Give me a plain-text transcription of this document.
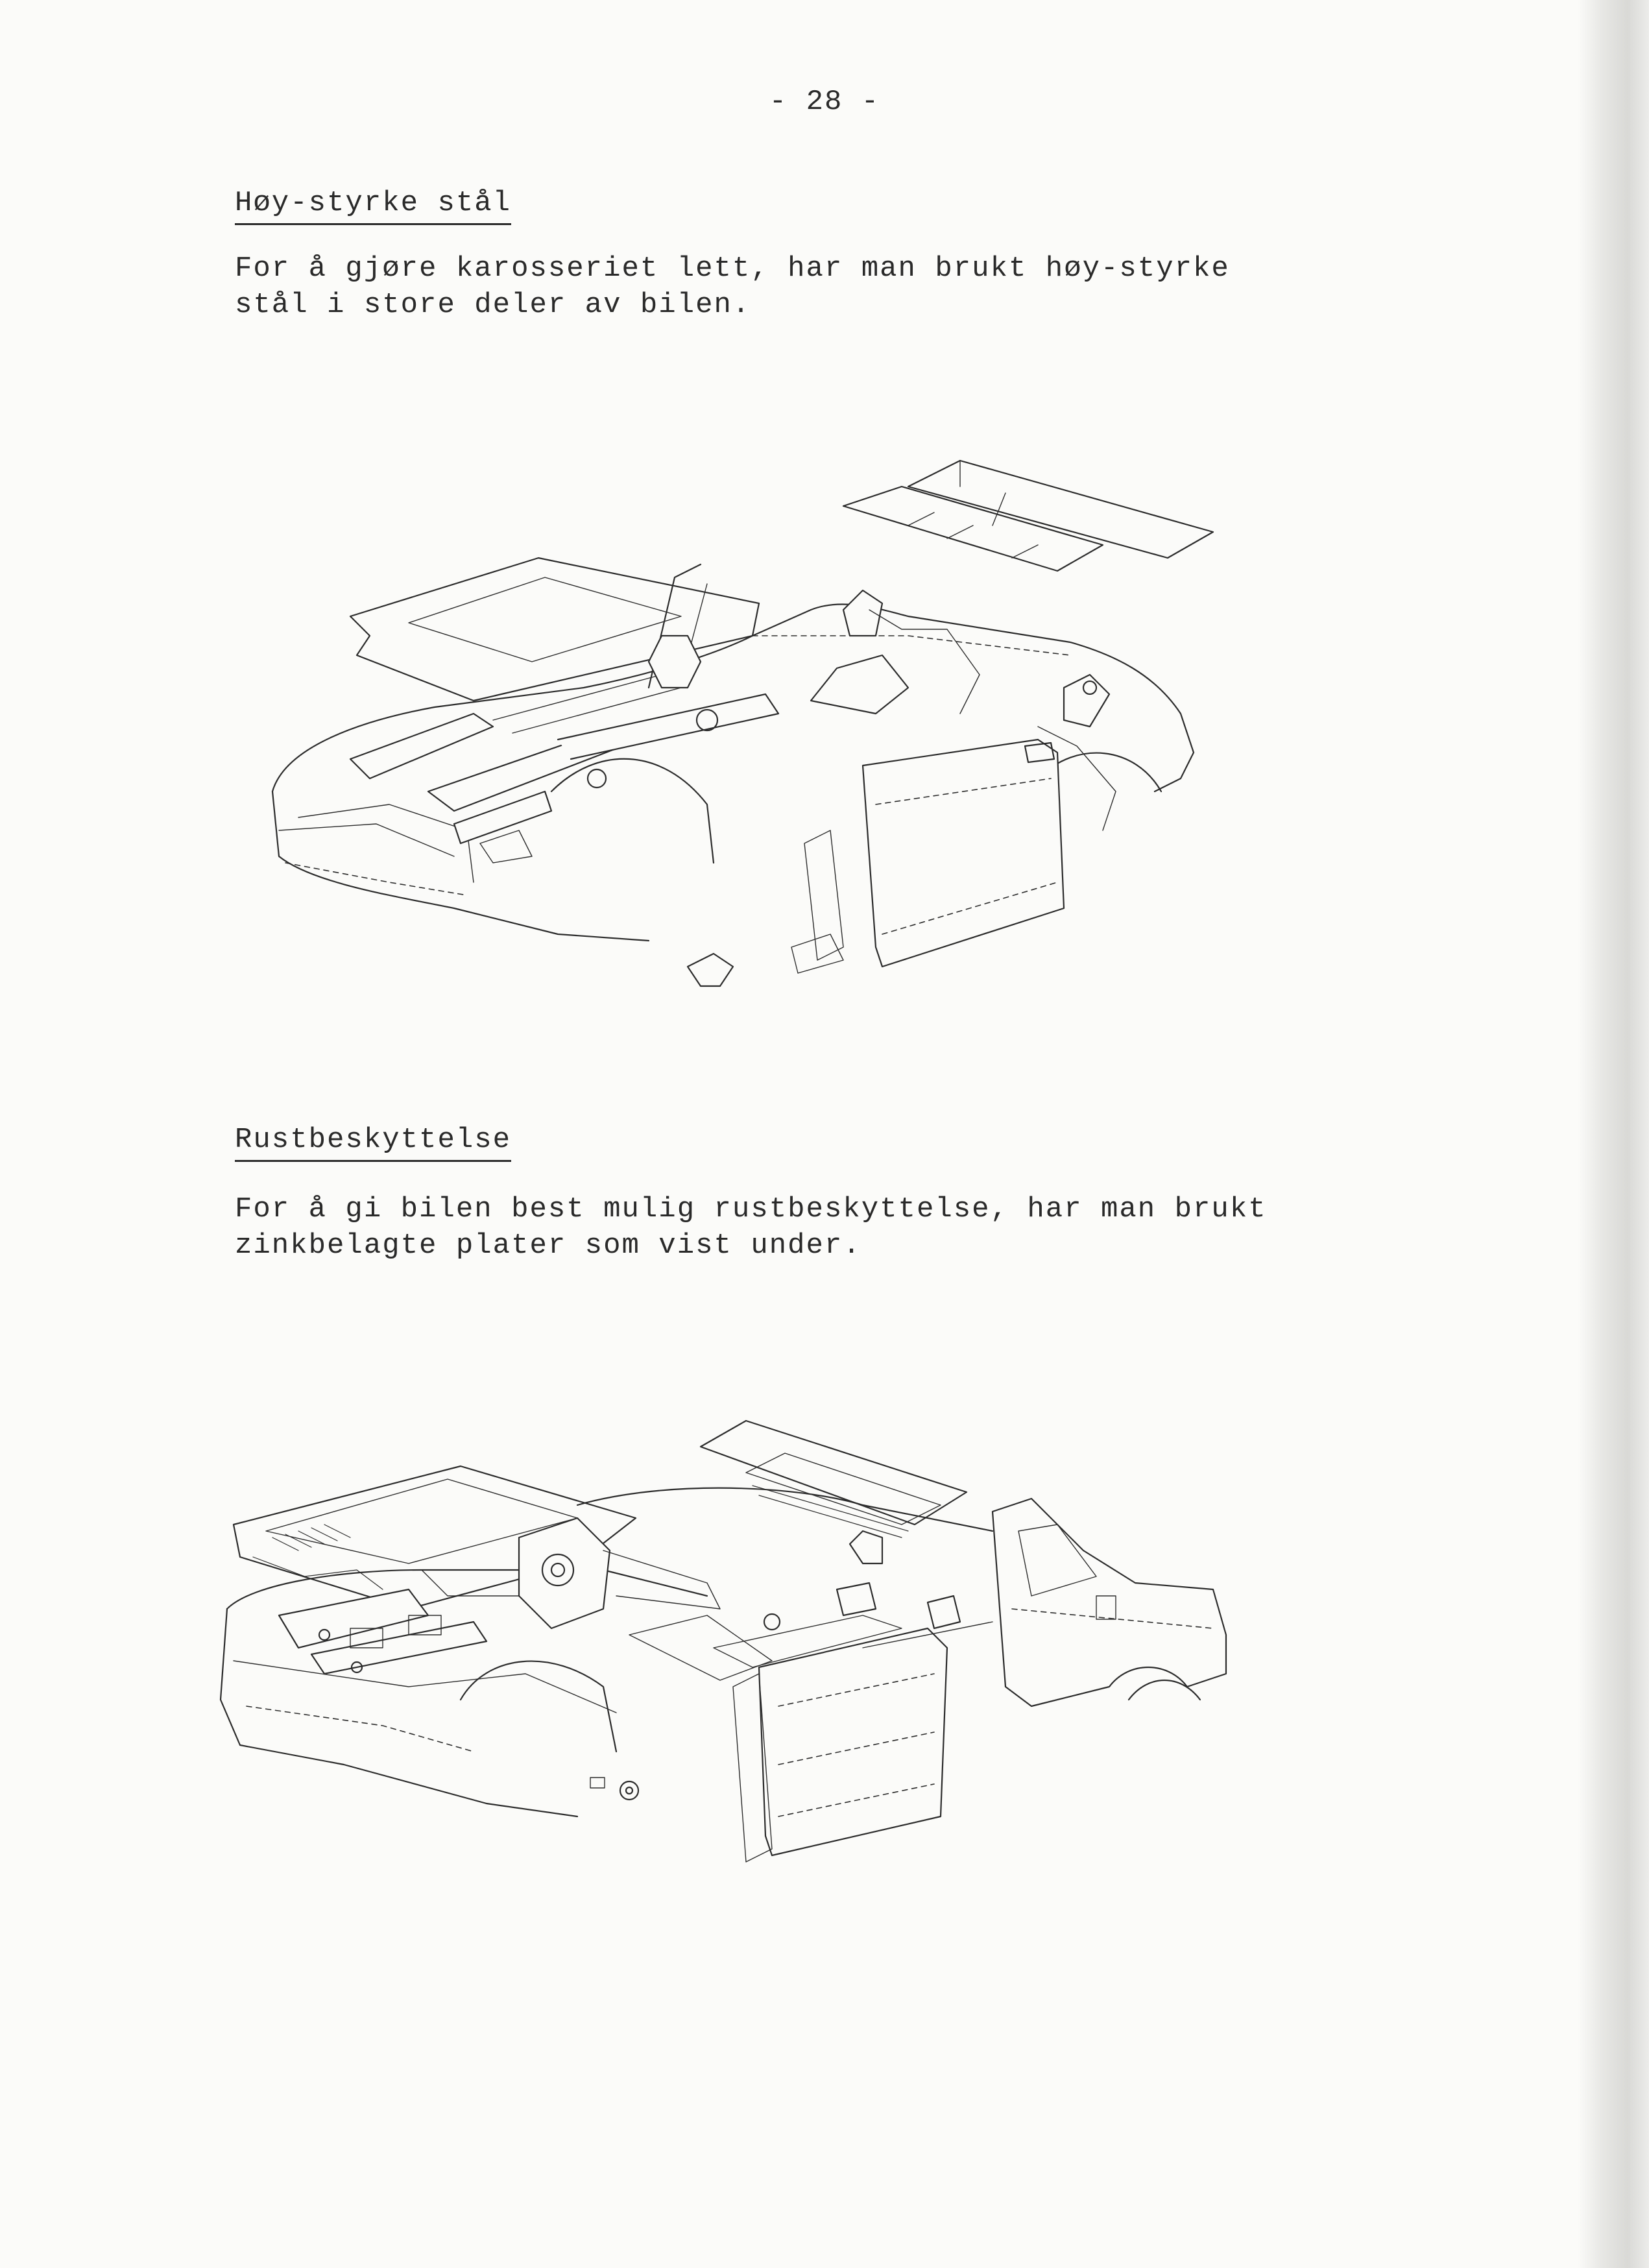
- 28 -
Høy-styrke stål

For å gjøre karosseriet lett, har man brukt høy-styrke
stål i store deler av bilen.

Rustbeskyttelse

For å gi bilen best mulig rustbeskyttelse, har man brukt
zinkbelagte plater som vist under.
